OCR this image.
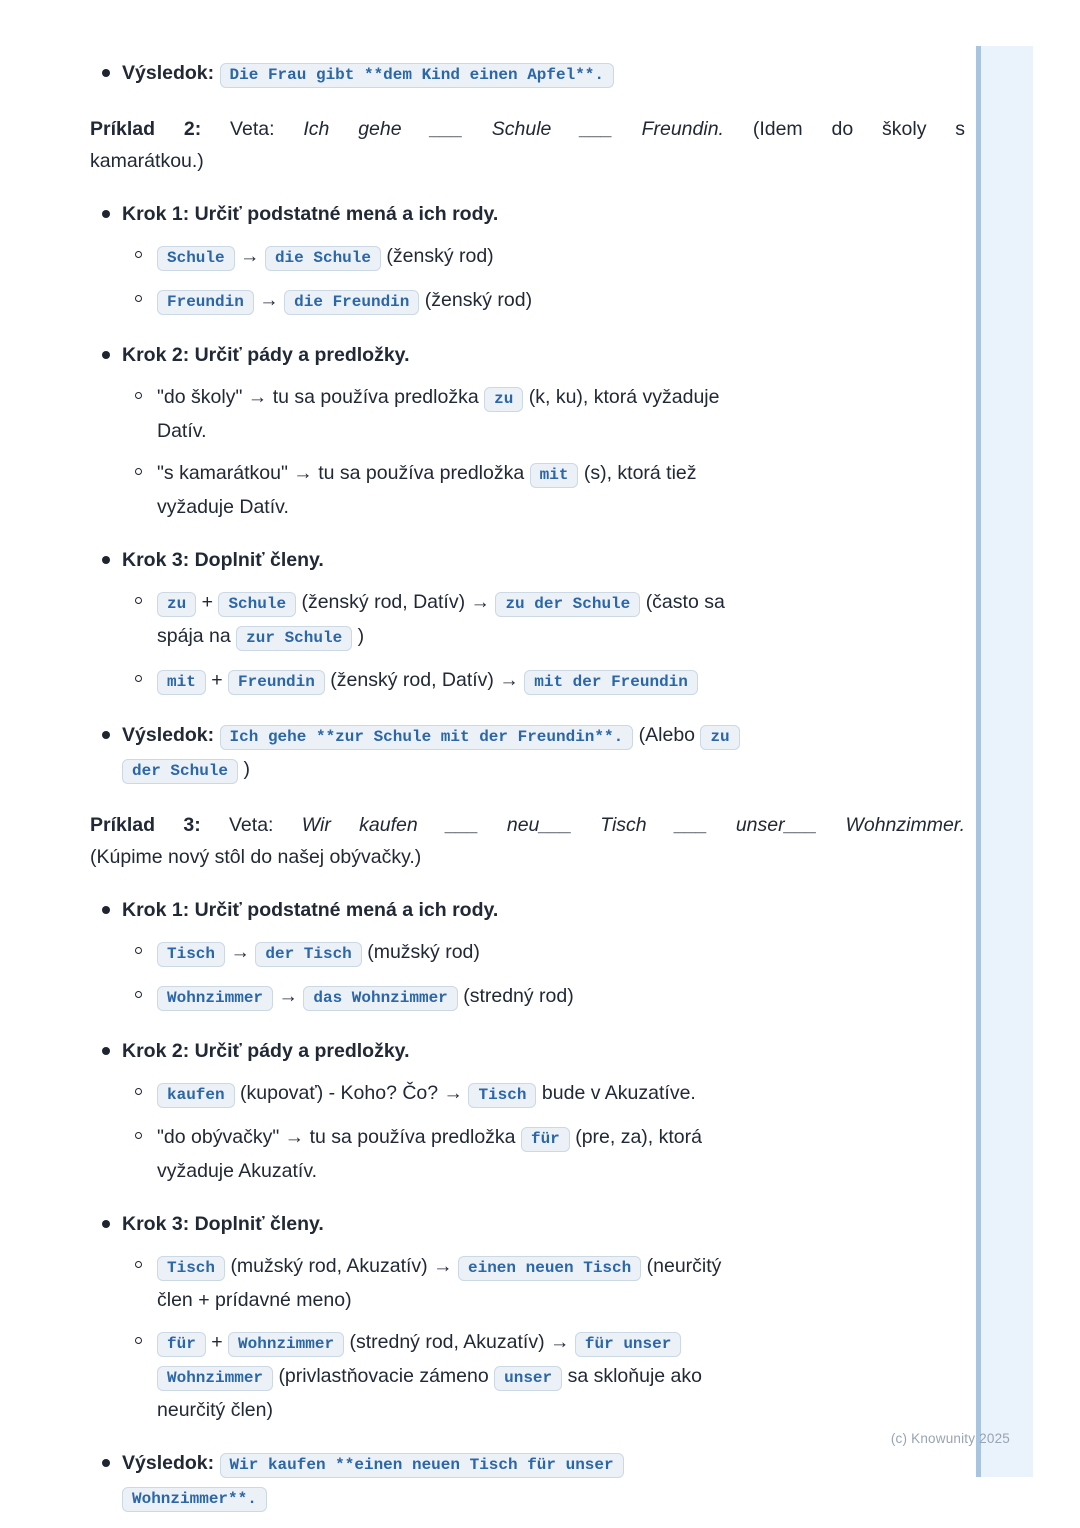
Výsledok: Die Frau gibt **dem Kind einen Apfel**.
Príklad 2: Veta: Ich gehe ___ Schule ___ Freundin. (Idem do školy s
kamarátkou.)
Krok 1: Určiť podstatné mená a ich rody.
Schule → die Schule (ženský rod)
Freundin → die Freundin (ženský rod)
Krok 2: Určiť pády a predložky.
"do školy" → tu sa používa predložka zu (k, ku), ktorá vyžaduje
Datív.
"s kamarátkou" → tu sa používa predložka mit (s), ktorá tiež
vyžaduje Datív.
Krok 3: Doplniť členy.
zu + Schule (ženský rod, Datív) → zu der Schule (často sa
spája na zur Schule )
mit + Freundin (ženský rod, Datív) → mit der Freundin
Výsledok: Ich gehe **zur Schule mit der Freundin**. (Alebo zu
der Schule )
Príklad 3: Veta: Wir kaufen ___ neu___ Tisch ___ unser___ Wohnzimmer.
(Kúpime nový stôl do našej obývačky.)
Krok 1: Určiť podstatné mená a ich rody.
Tisch → der Tisch (mužský rod)
Wohnzimmer → das Wohnzimmer (stredný rod)
Krok 2: Určiť pády a predložky.
kaufen (kupovať) - Koho? Čo? → Tisch bude v Akuzatíve.
"do obývačky" → tu sa používa predložka für (pre, za), ktorá
vyžaduje Akuzatív.
Krok 3: Doplniť členy.
Tisch (mužský rod, Akuzatív) → einen neuen Tisch (neurčitý
člen + prídavné meno)
für + Wohnzimmer (stredný rod, Akuzatív) → für unser
Wohnzimmer (privlastňovacie zámeno unser sa skloňuje ako
neurčitý člen)
Výsledok: Wir kaufen **einen neuen Tisch für unser
Wohnzimmer**.
(c) Knowunity 2025
